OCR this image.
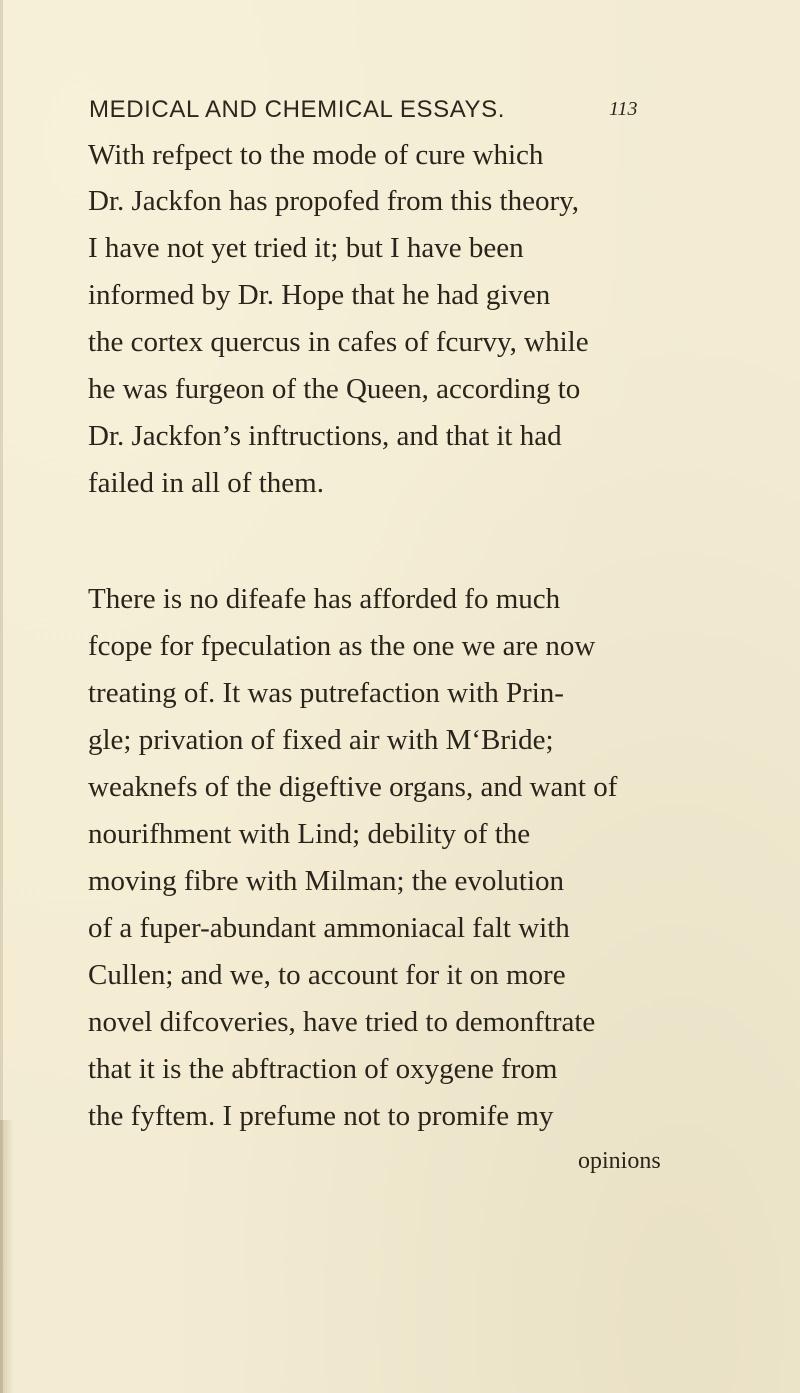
MEDICAL AND CHEMICAL ESSAYS.	113
With refpect to the mode of cure which
Dr. Jackfon has propofed from this theory,
I have not yet tried it; but I have been
informed by Dr. Hope that he had given
the cortex quercus in cafes of fcurvy, while
he was furgeon of the Queen, according to
Dr. Jackfon’s inftructions, and that it had
failed in all of them.
There is no difeafe has afforded fo much
fcope for fpeculation as the one we are now
treating of. It was putrefaction with Prin-
gle; privation of fixed air with M‘Bride;
weaknefs of the digeftive organs, and want of
nourifhment with Lind; debility of the
moving fibre with Milman; the evolution
of a fuper-abundant ammoniacal falt with
Cullen; and we, to account for it on more
novel difcoveries, have tried to demonftrate
that it is the abftraction of oxygene from
the fyftem. I prefume not to promife my
opinions
